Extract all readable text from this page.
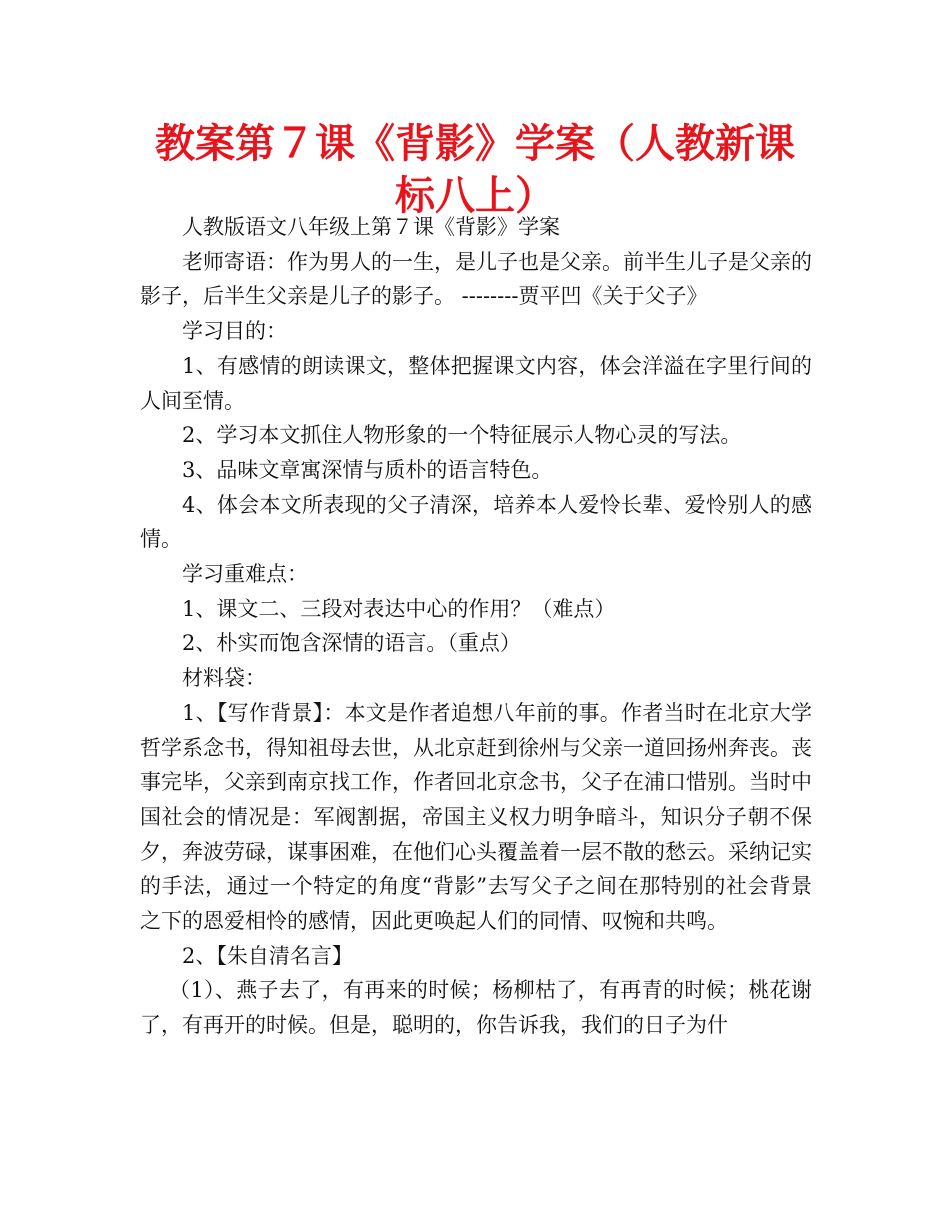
教案第７课《背影》学案（人教新课标八上）

人教版语文八年级上第７课《背影》学案

老师寄语：作为男人的一生，是儿子也是父亲。前半生儿子是父亲的影子，后半生父亲是儿子的影子。 --------贾平凹《关于父子》

学习目的：

1、有感情的朗读课文，整体把握课文内容，体会洋溢在字里行间的人间至情。

2、学习本文抓住人物形象的一个特征展示人物心灵的写法。

3、品味文章寓深情与质朴的语言特色。

4、体会本文所表现的父子清深，培养本人爱怜长辈、爱怜别人的感情。

学习重难点：

1、课文二、三段对表达中心的作用？（难点）

2、朴实而饱含深情的语言。（重点）

材料袋：

1、【写作背景】：本文是作者追想八年前的事。作者当时在北京大学哲学系念书，得知祖母去世，从北京赶到徐州与父亲一道回扬州奔丧。丧事完毕，父亲到南京找工作，作者回北京念书，父子在浦口惜别。当时中国社会的情况是：军阀割据，帝国主义权力明争暗斗，知识分子朝不保夕，奔波劳碌，谋事困难，在他们心头覆盖着一层不散的愁云。采纳记实的手法，通过一个特定的角度“背影”去写父子之间在那特别的社会背景之下的恩爱相怜的感情，因此更唤起人们的同情、叹惋和共鸣。

2、【朱自清名言】

（1）、燕子去了，有再来的时候；杨柳枯了，有再青的时候；桃花谢了，有再开的时候。但是，聪明的，你告诉我，我们的日子为什
